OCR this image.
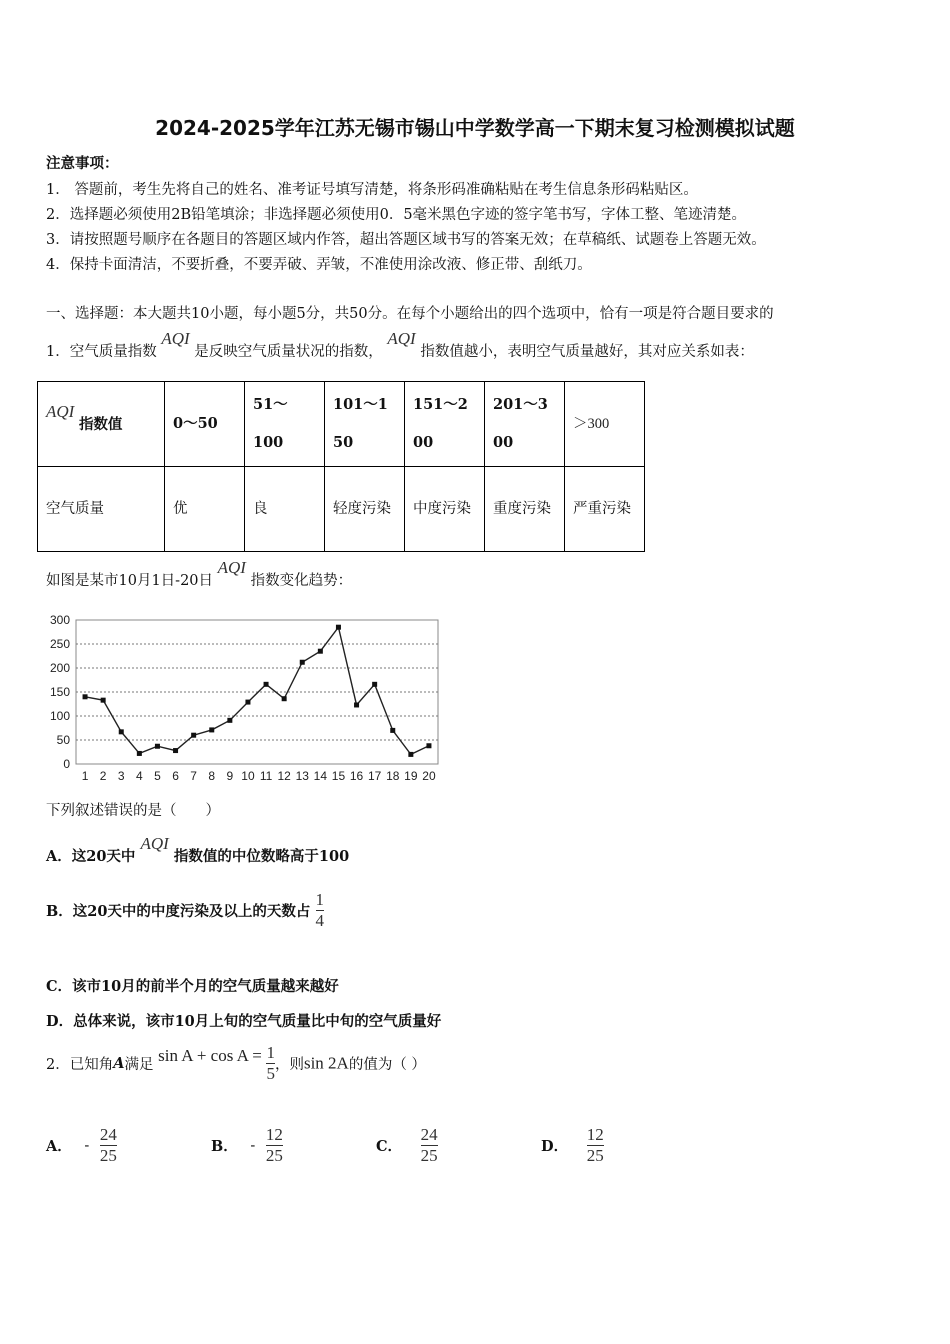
2024-2025学年江苏无锡市锡山中学数学高一下期末复习检测模拟试题
注意事项：
1． 答题前，考生先将自己的姓名、准考证号填写清楚，将条形码准确粘贴在考生信息条形码粘贴区。
2．选择题必须使用2B铅笔填涂；非选择题必须使用0．5毫米黑色字迹的签字笔书写，字体工整、笔迹清楚。
3．请按照题号顺序在各题目的答题区域内作答，超出答题区域书写的答案无效；在草稿纸、试题卷上答题无效。
4．保持卡面清洁，不要折叠，不要弄破、弄皱，不准使用涂改液、修正带、刮纸刀。
一、选择题：本大题共10小题，每小题5分，共50分。在每个小题给出的四个选项中，恰有一项是符合题目要求的
1．空气质量指数 AQI 是反映空气质量状况的指数， AQI 指数值越小，表明空气质量越好，其对应关系如表：
AQI 指数值	0～50	51～100	101～150	151～200	201～300	＞300
空气质量	优	良	轻度污染	中度污染	重度污染	严重污染
如图是某市10月1日-20日 AQI 指数变化趋势：
0
50
100
150
200
250
300
1 2 3 4 5 6 7 8 9 10 11 12 13 14 15 16 17 18 19 20
下列叙述错误的是（　　）
A．这20天中 AQI 指数值的中位数略高于100
B．这20天中的中度污染及以上的天数占 $\frac{1}{4}$
C．该市10月的前半个月的空气质量越来越好
D．总体来说，该市10月上旬的空气质量比中旬的空气质量好
2．已知角A满足 $\sin A + \cos A = \frac{1}{5}$ ，则sin 2A的值为（ ）
A． - $\frac{24}{25}$	B． - $\frac{12}{25}$	C． $\frac{24}{25}$	D． $\frac{12}{25}$
